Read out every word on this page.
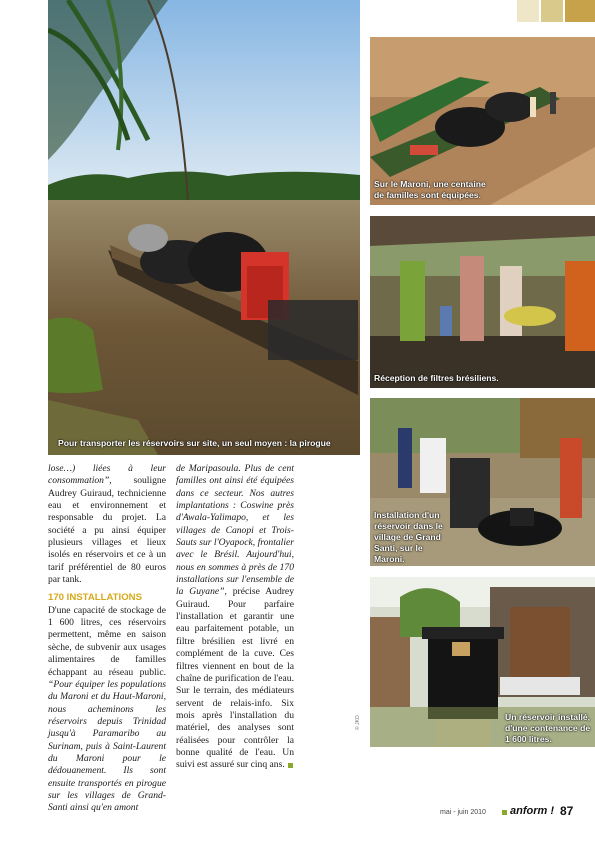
Pour transporter les réservoirs sur site, un seul moyen : la pirogue
Sur le Maroni, une centaine
de familles sont équipées.
Réception de filtres brésiliens.
Installation d'un
réservoir dans le
village de Grand
Santi, sur le
Maroni.
Un réservoir installé,
d'une contenance de
1 600 litres.
© JKO

lose…) liées à leur consommation”, souligne Audrey Guiraud, technicienne eau et environnement et responsable du projet. La société a pu ainsi équiper plusieurs villages et lieux isolés en réservoirs et ce à un tarif préférentiel de 80 euros par tank.

170 INSTALLATIONS

D'une capacité de stockage de 1 600 litres, ces réservoirs permettent, même en saison sèche, de subvenir aux usages alimentaires de familles échappant au réseau public. “Pour équiper les populations du Maroni et du Haut-Maroni, nous acheminons les réservoirs depuis Trinidad jusqu'à Paramaribo au Surinam, puis à Saint-Laurent du Maroni pour le dédouanement. Ils sont ensuite transportés en pirogue sur les villages de Grand-Santi ainsi qu'en amont

de Maripasoula. Plus de cent familles ont ainsi été équipées dans ce secteur. Nos autres implantations : Coswine près d'Awala-Yalimapo, et les villages de Canopi et Trois-Sauts sur l'Oyapock, frontalier avec le Brésil. Aujourd'hui, nous en sommes à près de 170 installations sur l'ensemble de la Guyane”, précise Audrey Guiraud. Pour parfaire l'installation et garantir une eau parfaitement potable, un filtre brésilien est livré en complément de la cuve. Ces filtres viennent en bout de la chaîne de purification de l'eau. Sur le terrain, des médiateurs servent de relais-info. Six mois après l'installation du matériel, des analyses sont réalisées pour contrôler la bonne qualité de l'eau. Un suivi est assuré sur cinq ans.

mai - juin 2010 anform ! 87
